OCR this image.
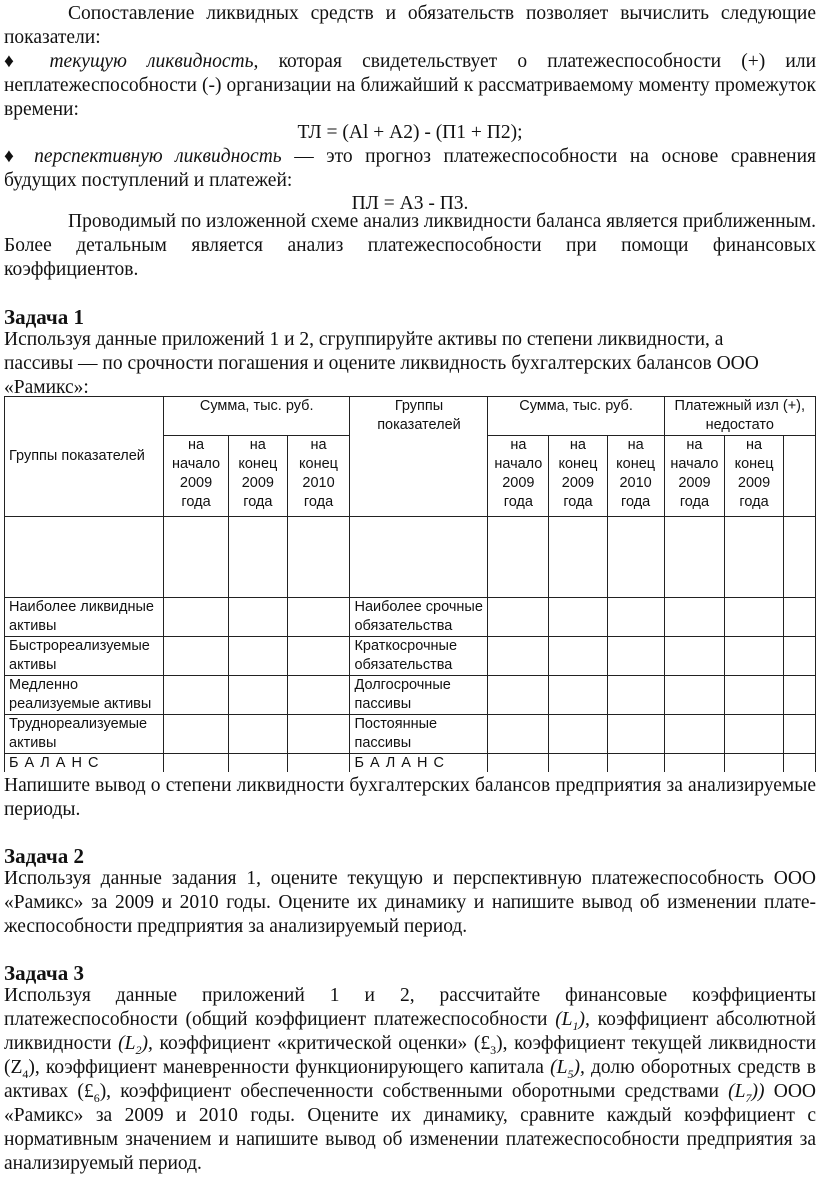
Сопоставление ликвидных средств и обязательств позволяет вычислить следующие показатели:

♦ текущую ликвидность, которая свидетельствует о платежеспособности (+) или неплатежеспособности (-) организации на ближайший к рассматриваемому моменту промежуток времени:

ТЛ = (Аl + А2) - (П1 + П2);

♦ перспективную ликвидность — это прогноз платежеспособности на основе сравнения будущих поступлений и платежей:

ПЛ = А3 - П3.

Проводимый по изложенной схеме анализ ликвидности баланса является приближенным. Более детальным является анализ платежеспособности при помощи финансовых коэффициентов.

Задача 1

Используя данные приложений 1 и 2, сгруппируйте активы по степени ликвидности, а пассивы — по срочности погашения и оцените ликвидность бухгалтерских балансов ООО «Рамикс»:

Группы показателей	Сумма, тыс. руб.			Группы показателей	Сумма, тыс. руб.			Платежный изл (+), недостато		
	на начало 2009 года	на конец 2009 года	на конец 2010 года		на начало 2009 года	на конец 2009 года	на конец 2010 года	на начало 2009 года	на конец 2009 года	

Наиболее ликвидные активы				Наиболее срочные обязательства						
Быстрореализуемые активы				Краткосрочные обязательства						
Медленно реализуемые активы				Долгосрочные пассивы						
Труднореализуемые активы				Постоянные пассивы						
Б А Л А Н С				Б А Л А Н С						

Напишите вывод о степени ликвидности бухгалтерских балансов предприятия за анализируемые периоды.

Задача 2

Используя данные задания 1, оцените текущую и перспективную платежеспособность ООО «Рамикс» за 2009 и 2010 годы. Оцените их динамику и напишите вывод об изменении плате-жеспособности предприятия за анализируемый период.

Задача 3

Используя данные приложений 1 и 2, рассчитайте финансовые коэффициенты платежеспособности (общий коэффициент платежеспособности $(L_1)$, коэффициент абсолютной ликвидности $(L_2)$, коэффициент «критической оценки» $(£_3)$, коэффициент текущей ликвидности $(Z_4)$, коэффициент маневренности функционирующего капитала $(L_5)$, долю оборотных средств в активах $(£_6)$, коэффициент обеспеченности собственными оборотными средствами $(L_7)$) ООО «Рамикс» за 2009 и 2010 годы. Оцените их динамику, сравните каждый коэффициент с нормативным значением и напишите вывод об изменении платежеспособности предприятия за анализируемый период.
